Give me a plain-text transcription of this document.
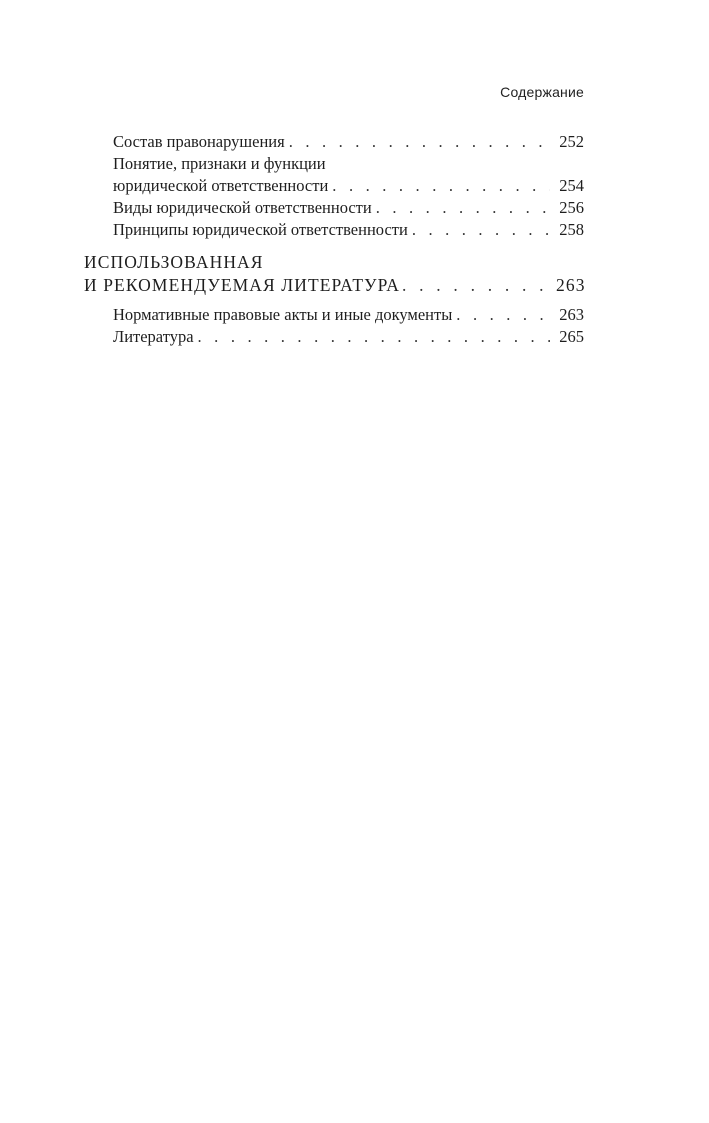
Содержание
Состав правонарушения . . .	252
Понятие, признаки и функции
юридической ответственности . . .	254
Виды юридической ответственности . . .	256
Принципы юридической ответственности . . .	258
ИСПОЛЬЗОВАННАЯ
И РЕКОМЕНДУЕМАЯ ЛИТЕРАТУРА . . .	263
Нормативные правовые акты и иные документы . . .	263
Литература . . .	265
